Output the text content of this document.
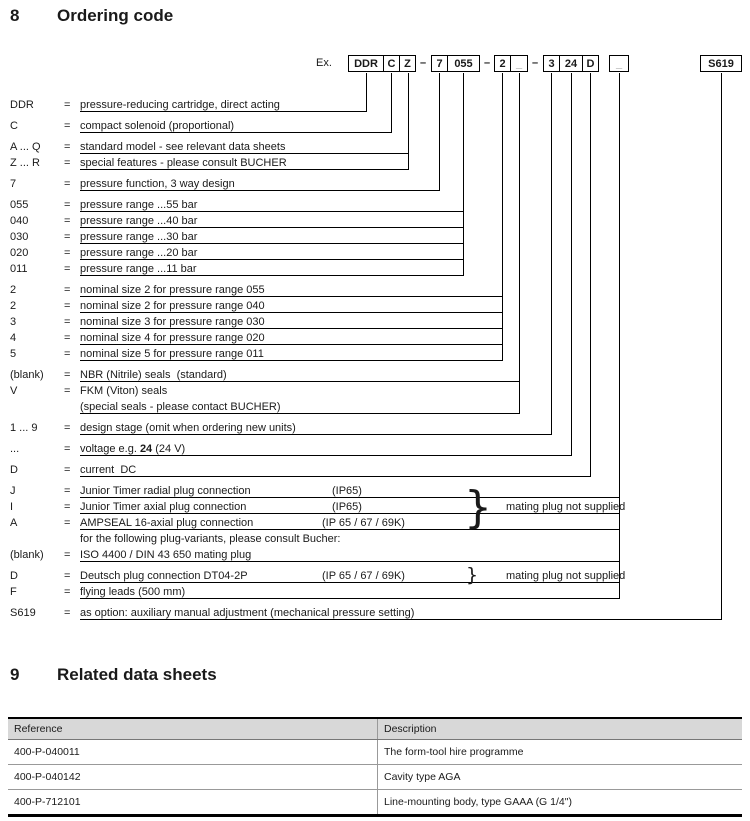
8	Ordering code
Ex.	DDR C Z – 7	055	– 2 _ – 3 24 D	_	S619
DDR	= pressure-reducing cartridge, direct acting
C	= compact solenoid (proportional)
A ... Q	= standard model - see relevant data sheets
Z ... R	= special features - please consult BUCHER
7	= pressure function, 3 way design
055	= pressure range ...55 bar
040	= pressure range ...40 bar
030	= pressure range ...30 bar
020	= pressure range ...20 bar
011	= pressure range ...11 bar
2	= nominal size 2 for pressure range 055
2	= nominal size 2 for pressure range 040
3	= nominal size 3 for pressure range 030
4	= nominal size 4 for pressure range 020
5	= nominal size 5 for pressure range 011
(blank)	= NBR (Nitrile) seals  (standard)
V	= FKM (Viton) seals
(special seals - please contact BUCHER)
1 ... 9	= design stage (omit when ordering new units)
...	= voltage e.g. 24 (24 V)
D	= current  DC
J	= Junior Timer radial plug connection	(IP65)
I	= Junior Timer axial plug connection	(IP65)
A	= AMPSEAL 16-axial plug connection	(IP 65 / 67 / 69K)
for the following plug-variants, please consult Bucher:
(blank)	= ISO 4400 / DIN 43 650 mating plug
D	= Deutsch plug connection DT04-2P	(IP 65 / 67 / 69K)
F	= flying leads (500 mm)
S619	= as option: auxiliary manual adjustment (mechanical pressure setting)
} mating plug not supplied
}	mating plug not supplied
9	Related data sheets
Reference	Description
400-P-040011	The form-tool hire programme
400-P-040142	Cavity type AGA
400-P-712101	Line-mounting body, type GAAA (G 1/4")
